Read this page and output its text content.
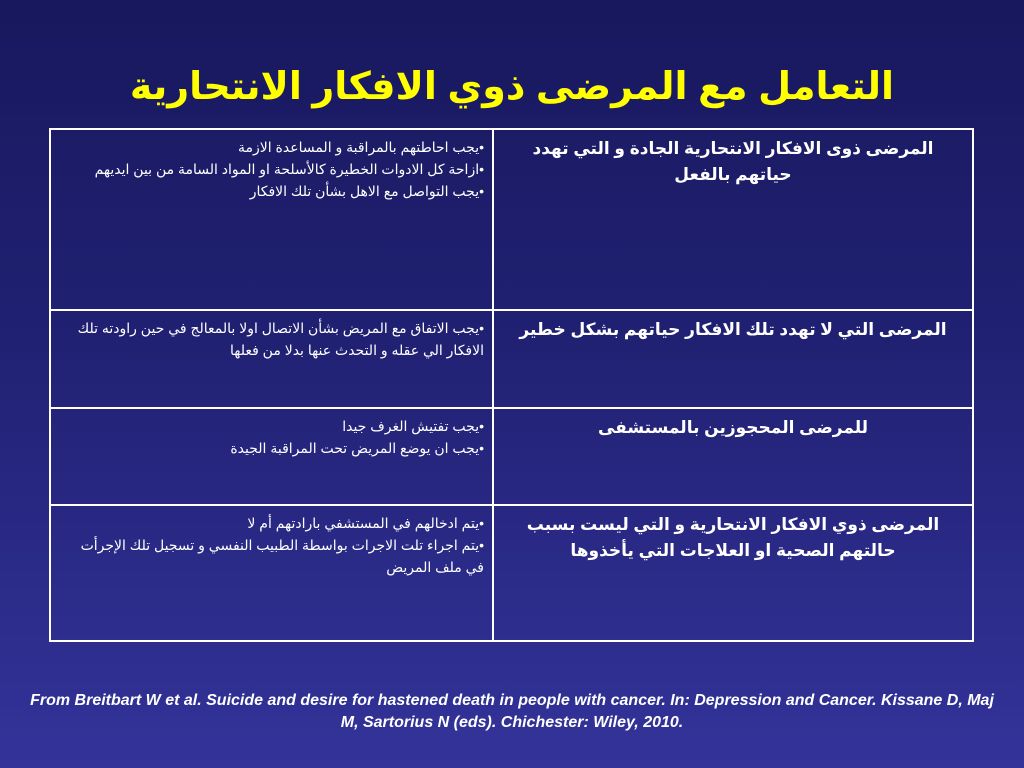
التعامل مع المرضى ذوي الافكار الانتحارية
المرضى ذوى الافكار الانتحارية الجادة و التي تهدد حياتهم بالفعل	•يجب احاطتهم بالمراقبة و المساعدة الازمة
•ازاحة كل الادوات الخطيرة كالأسلحة او المواد السامة من بين ايديهم
•يجب التواصل مع الاهل بشأن تلك الافكار

المرضى التي لا تهدد تلك الافكار حياتهم بشكل خطير	•يجب الاتفاق مع المريض بشأن الاتصال اولا بالمعالج في حين راودته تلك الافكار الي عقله و التحدث عنها بدلا من فعلها

للمرضى المحجوزين بالمستشفى	•يجب تفتيش الغرف جيدا
•يجب ان يوضع المريض تحت المراقبة الجيدة

المرضى ذوي الافكار الانتحارية و التي ليست بسبب حالتهم الصحية او العلاجات التي يأخذوها	•يتم ادخالهم في المستشفي بارادتهم أم لا
•يتم اجراء تلت الاجرات بواسطة الطبيب النفسي و تسجيل تلك الإجرأت في ملف المريض
From Breitbart W et al. Suicide and desire for hastened death in people with cancer. In: Depression and Cancer. Kissane D, Maj M, Sartorius N (eds). Chichester: Wiley, 2010.
